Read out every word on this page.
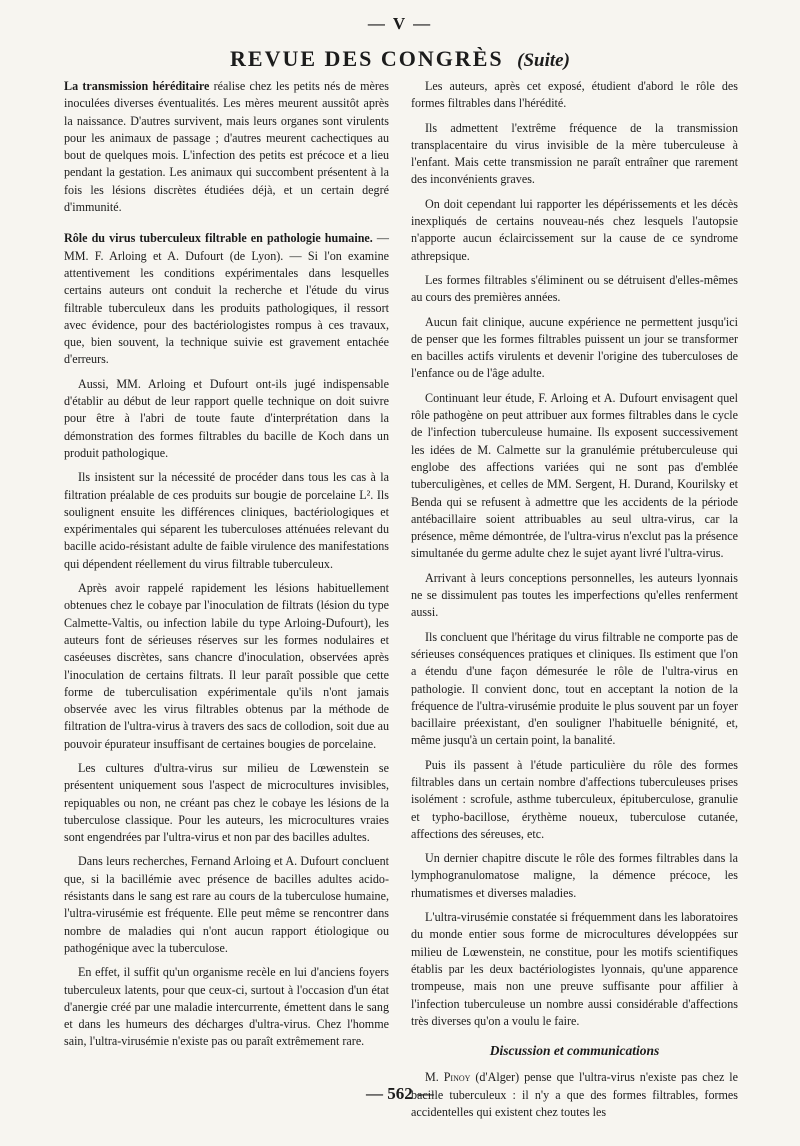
— V —
REVUE DES CONGRÈS (Suite)

La transmission héréditaire réalise chez les petits nés de mères inoculées diverses éventualités. Les mères meurent aussitôt après la naissance. D'autres survivent, mais leurs organes sont virulents pour les animaux de passage ; d'autres meurent cachectiques au bout de quelques mois. L'infection des petits est précoce et a lieu pendant la gestation. Les animaux qui succombent présentent à la fois les lésions discrètes étudiées déjà, et un certain degré d'immunité.

Rôle du virus tuberculeux filtrable en pathologie humaine. — MM. F. Arloing et A. Dufourt (de Lyon). — Si l'on examine attentivement les conditions expérimentales dans lesquelles certains auteurs ont conduit la recherche et l'étude du virus filtrable tuberculeux dans les produits pathologiques, il ressort avec évidence, pour des bactériologistes rompus à ces travaux, que, bien souvent, la technique suivie est gravement entachée d'erreurs.

Aussi, MM. Arloing et Dufourt ont-ils jugé indispensable d'établir au début de leur rapport quelle technique on doit suivre pour être à l'abri de toute faute d'interprétation dans la démonstration des formes filtrables du bacille de Koch dans un produit pathologique.

Ils insistent sur la nécessité de procéder dans tous les cas à la filtration préalable de ces produits sur bougie de porcelaine L². Ils soulignent ensuite les différences cliniques, bactériologiques et expérimentales qui séparent les tuberculoses atténuées relevant du bacille acido-résistant adulte de faible virulence des manifestations qui dépendent réellement du virus filtrable tuberculeux.

Après avoir rappelé rapidement les lésions habituellement obtenues chez le cobaye par l'inoculation de filtrats (lésion du type Calmette-Valtis, ou infection labile du type Arloing-Dufourt), les auteurs font de sérieuses réserves sur les formes nodulaires et caséeuses discrètes, sans chancre d'inoculation, observées après l'inoculation de certains filtrats. Il leur paraît possible que cette forme de tuberculisation expérimentale qu'ils n'ont jamais observée avec les virus filtrables obtenus par la méthode de filtration de l'ultra-virus à travers des sacs de collodion, soit due au pouvoir épurateur insuffisant de certaines bougies de porcelaine.

Les cultures d'ultra-virus sur milieu de Lœwenstein se présentent uniquement sous l'aspect de microcultures invisibles, repiquables ou non, ne créant pas chez le cobaye les lésions de la tuberculose classique. Pour les auteurs, les microcultures vraies sont engendrées par l'ultra-virus et non par des bacilles adultes.

Dans leurs recherches, Fernand Arloing et A. Dufourt concluent que, si la bacillémie avec présence de bacilles adultes acido-résistants dans le sang est rare au cours de la tuberculose humaine, l'ultra-virusémie est fréquente. Elle peut même se rencontrer dans nombre de maladies qui n'ont aucun rapport étiologique ou pathogénique avec la tuberculose.

En effet, il suffit qu'un organisme recèle en lui d'anciens foyers tuberculeux latents, pour que ceux-ci, surtout à l'occasion d'un état d'anergie créé par une maladie intercurrente, émettent dans le sang et dans les humeurs des décharges d'ultra-virus. Chez l'homme sain, l'ultra-virusémie n'existe pas ou paraît extrêmement rare.

Les auteurs, après cet exposé, étudient d'abord le rôle des formes filtrables dans l'hérédité.

Ils admettent l'extrême fréquence de la transmission transplacentaire du virus invisible de la mère tuberculeuse à l'enfant. Mais cette transmission ne paraît entraîner que rarement des inconvénients graves.

On doit cependant lui rapporter les dépérissements et les décès inexpliqués de certains nouveau-nés chez lesquels l'autopsie n'apporte aucun éclaircissement sur la cause de ce syndrome athrepsique.

Les formes filtrables s'éliminent ou se détruisent d'elles-mêmes au cours des premières années.

Aucun fait clinique, aucune expérience ne permettent jusqu'ici de penser que les formes filtrables puissent un jour se transformer en bacilles actifs virulents et devenir l'origine des tuberculoses de l'enfance ou de l'âge adulte.

Continuant leur étude, F. Arloing et A. Dufourt envisagent quel rôle pathogène on peut attribuer aux formes filtrables dans le cycle de l'infection tuberculeuse humaine. Ils exposent successivement les idées de M. Calmette sur la granulémie prétuberculeuse qui englobe des affections variées qui ne sont pas d'emblée tuberculigènes, et celles de MM. Sergent, H. Durand, Kourilsky et Benda qui se refusent à admettre que les accidents de la période antébacillaire soient attribuables au seul ultra-virus, car la présence, même démontrée, de l'ultra-virus n'exclut pas la présence simultanée du germe adulte chez le sujet ayant livré l'ultra-virus.

Arrivant à leurs conceptions personnelles, les auteurs lyonnais ne se dissimulent pas toutes les imperfections qu'elles renferment aussi.

Ils concluent que l'héritage du virus filtrable ne comporte pas de sérieuses conséquences pratiques et cliniques. Ils estiment que l'on a étendu d'une façon démesurée le rôle de l'ultra-virus en pathologie. Il convient donc, tout en acceptant la notion de la fréquence de l'ultra-virusémie produite le plus souvent par un foyer bacillaire préexistant, d'en souligner l'habituelle bénignité, et, même jusqu'à un certain point, la banalité.

Puis ils passent à l'étude particulière du rôle des formes filtrables dans un certain nombre d'affections tuberculeuses prises isolément : scrofule, asthme tuberculeux, épituberculose, granulie et typho-bacillose, érythème noueux, tuberculose cutanée, affections des séreuses, etc.

Un dernier chapitre discute le rôle des formes filtrables dans la lymphogranulomatose maligne, la démence précoce, les rhumatismes et diverses maladies.

L'ultra-virusémie constatée si fréquemment dans les laboratoires du monde entier sous forme de microcultures développées sur milieu de Lœwenstein, ne constitue, pour les motifs scientifiques établis par les deux bactériologistes lyonnais, qu'une apparence trompeuse, mais non une preuve suffisante pour affilier à l'infection tuberculeuse un nombre aussi considérable d'affections très diverses qu'on a voulu le faire.

Discussion et communications

M. Pinoy (d'Alger) pense que l'ultra-virus n'existe pas chez le bacille tuberculeux : il n'y a que des formes filtrables, formes accidentelles qui existent chez toutes les

— 562 —
